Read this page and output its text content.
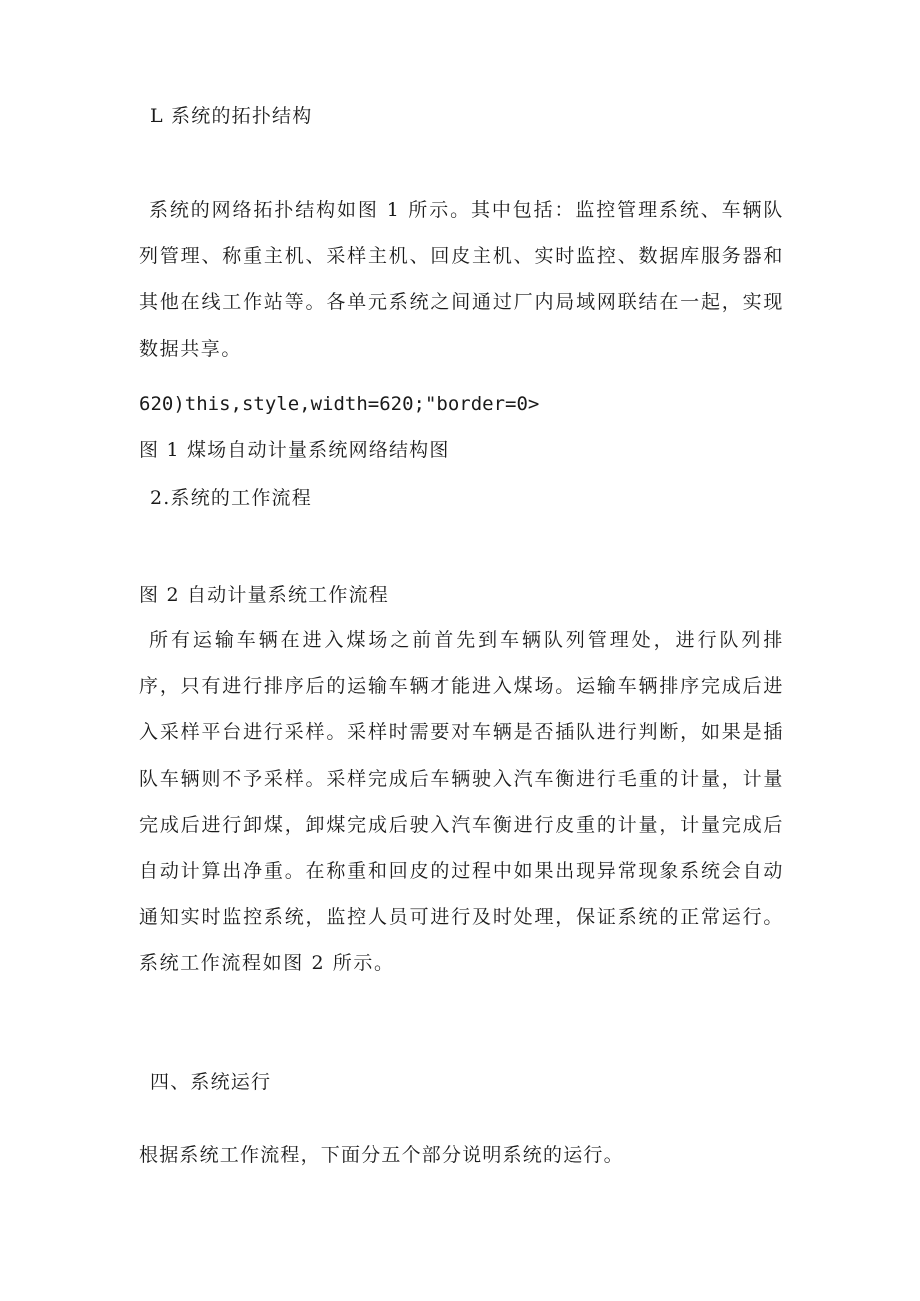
L 系统的拓扑结构

系统的网络拓扑结构如图 1 所示。其中包括：监控管理系统、车辆队列管理、称重主机、采样主机、回皮主机、实时监控、数据库服务器和其他在线工作站等。各单元系统之间通过厂内局域网联结在一起，实现数据共享。

620)this,style,width=620;"border=0>
图 1 煤场自动计量系统网络结构图
2.系统的工作流程
图 2 自动计量系统工作流程

所有运输车辆在进入煤场之前首先到车辆队列管理处，进行队列排序，只有进行排序后的运输车辆才能进入煤场。运输车辆排序完成后进入采样平台进行采样。采样时需要对车辆是否插队进行判断，如果是插队车辆则不予采样。采样完成后车辆驶入汽车衡进行毛重的计量，计量完成后进行卸煤，卸煤完成后驶入汽车衡进行皮重的计量，计量完成后自动计算出净重。在称重和回皮的过程中如果出现异常现象系统会自动通知实时监控系统，监控人员可进行及时处理，保证系统的正常运行。系统工作流程如图 2 所示。

四、系统运行
根据系统工作流程，下面分五个部分说明系统的运行。
